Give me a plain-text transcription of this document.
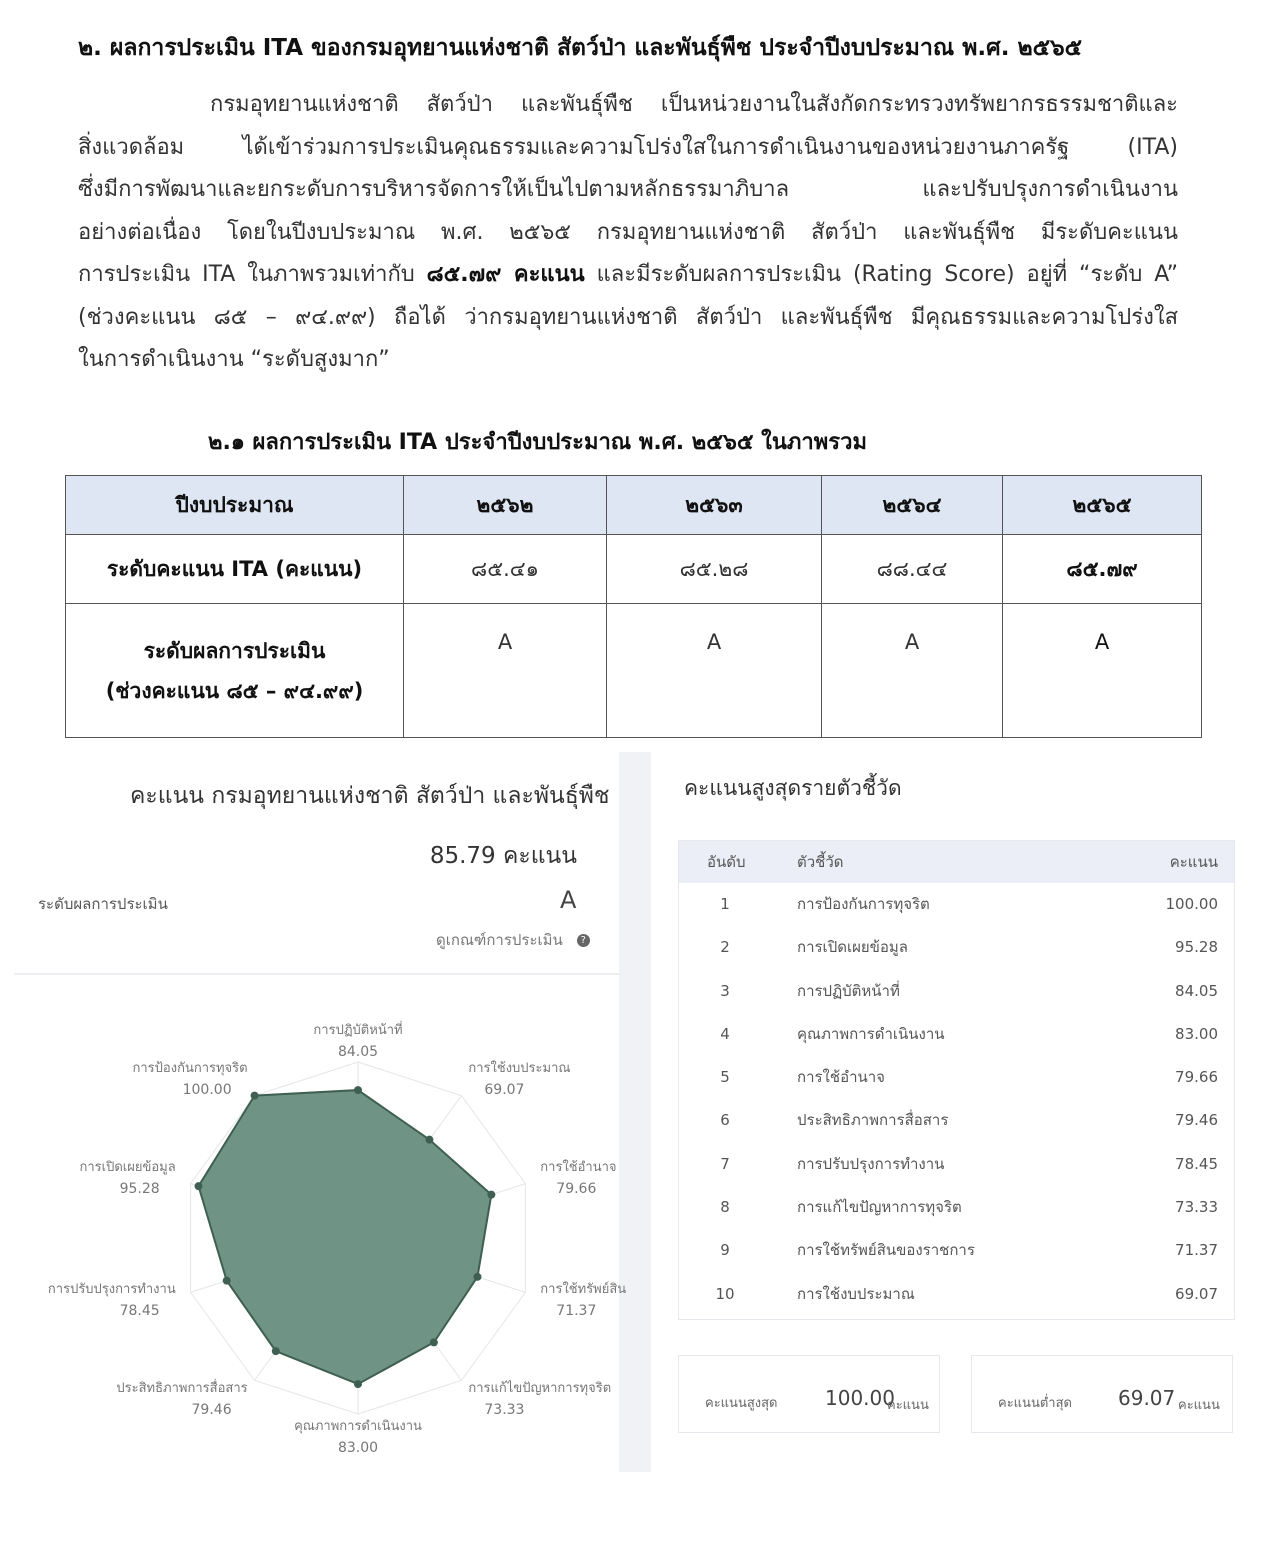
๒. ผลการประเมิน ITA ของกรมอุทยานแห่งชาติ สัตว์ป่า และพันธุ์พืช ประจำปีงบประมาณ พ.ศ. ๒๕๖๕
กรมอุทยานแห่งชาติ สัตว์ป่า และพันธุ์พืช เป็นหน่วยงานในสังกัดกระทรวงทรัพยากรธรรมชาติและ
สิ่งแวดล้อม ได้เข้าร่วมการประเมินคุณธรรมและความโปร่งใสในการดำเนินงานของหน่วยงานภาครัฐ (ITA)
ซึ่งมีการพัฒนาและยกระดับการบริหารจัดการให้เป็นไปตามหลักธรรมาภิบาล และปรับปรุงการดำเนินงาน
อย่างต่อเนื่อง โดยในปีงบประมาณ พ.ศ. ๒๕๖๕ กรมอุทยานแห่งชาติ สัตว์ป่า และพันธุ์พืช มีระดับคะแนน
การประเมิน ITA ในภาพรวมเท่ากับ ๘๕.๗๙ คะแนน และมีระดับผลการประเมิน (Rating Score) อยู่ที่ “ระดับ A”
(ช่วงคะแนน ๘๕ – ๙๔.๙๙) ถือได้ ว่ากรมอุทยานแห่งชาติ สัตว์ป่า และพันธุ์พืช มีคุณธรรมและความโปร่งใส
ในการดำเนินงาน “ระดับสูงมาก”
๒.๑ ผลการประเมิน ITA ประจำปีงบประมาณ พ.ศ. ๒๕๖๕ ในภาพรวม
ปีงบประมาณ	๒๕๖๒	๒๕๖๓	๒๕๖๔	๒๕๖๕
ระดับคะแนน ITA (คะแนน)	๘๕.๔๑	๘๕.๒๘	๘๘.๔๔	๘๕.๗๙

ระดับผลการประเมิน
(ช่วงคะแนน ๘๕ – ๙๔.๙๙)	A	A	A	A
คะแนน กรมอุทยานแห่งชาติ สัตว์ป่า และพันธุ์พืช
85.79 คะแนน
ระดับผลการประเมิน	A
ดูเกณฑ์การประเมิน ?
การปฏิบัติหน้าที่
84.05
การใช้งบประมาณ
69.07
การใช้อำนาจ
79.66
การใช้ทรัพย์สิน
71.37
การแก้ไขปัญหาการทุจริต
73.33
คุณภาพการดำเนินงาน
83.00
ประสิทธิภาพการสื่อสาร
79.46
การปรับปรุงการทำงาน
78.45
การเปิดเผยข้อมูล
95.28
การป้องกันการทุจริต
100.00
คะแนนสูงสุดรายตัวชี้วัด
อันดับ	ตัวชี้วัด	คะแนน
1	การป้องกันการทุจริต	100.00
2	การเปิดเผยข้อมูล	95.28
3	การปฏิบัติหน้าที่	84.05
4	คุณภาพการดำเนินงาน	83.00
5	การใช้อำนาจ	79.66
6	ประสิทธิภาพการสื่อสาร	79.46
7	การปรับปรุงการทำงาน	78.45
8	การแก้ไขปัญหาการทุจริต	73.33
9	การใช้ทรัพย์สินของราชการ	71.37
10	การใช้งบประมาณ	69.07
คะแนนสูงสุด 100.00
คะแนน	คะแนนต่ำสุด 69.07 คะแนน
